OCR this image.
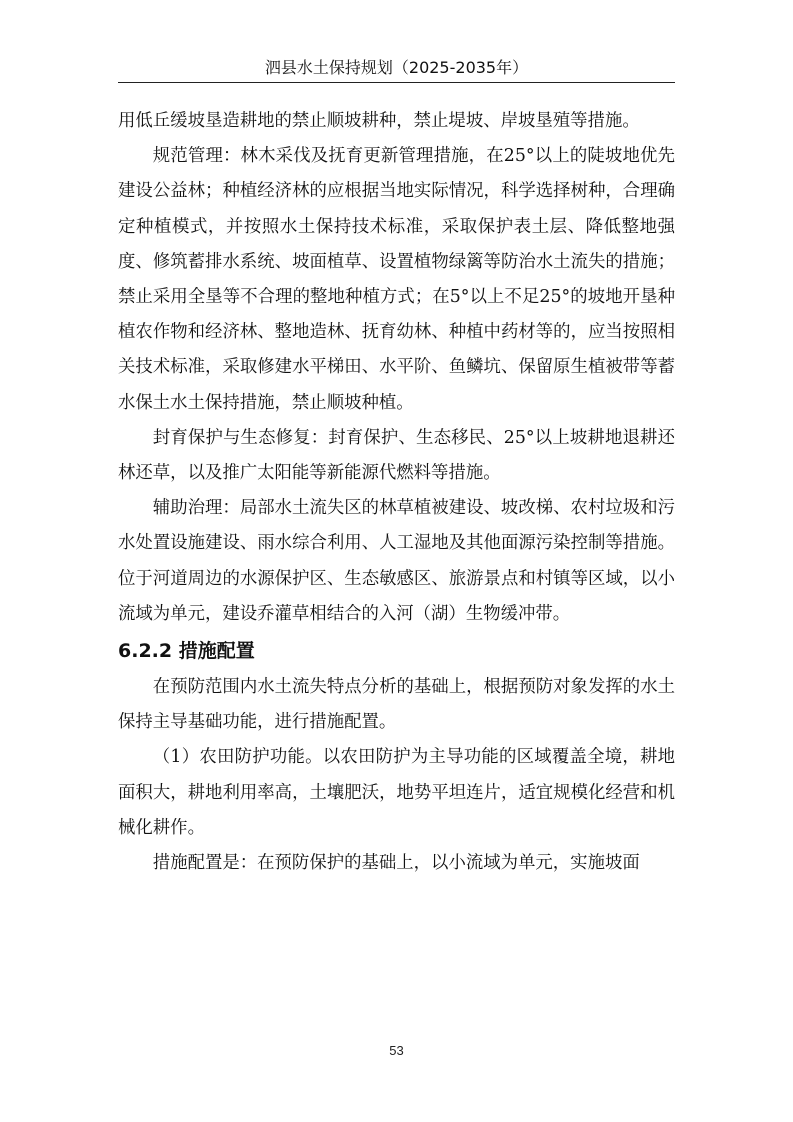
泗县水土保持规划（2025-2035年）

用低丘缓坡垦造耕地的禁止顺坡耕种，禁止堤坡、岸坡垦殖等措施。

规范管理：林木采伐及抚育更新管理措施，在25°以上的陡坡地优先建设公益林；种植经济林的应根据当地实际情况，科学选择树种，合理确定种植模式，并按照水土保持技术标准，采取保护表土层、降低整地强度、修筑蓄排水系统、坡面植草、设置植物绿篱等防治水土流失的措施；禁止采用全垦等不合理的整地种植方式；在5°以上不足25°的坡地开垦种植农作物和经济林、整地造林、抚育幼林、种植中药材等的，应当按照相关技术标准，采取修建水平梯田、水平阶、鱼鳞坑、保留原生植被带等蓄水保土水土保持措施，禁止顺坡种植。

封育保护与生态修复：封育保护、生态移民、25°以上坡耕地退耕还林还草，以及推广太阳能等新能源代燃料等措施。

辅助治理：局部水土流失区的林草植被建设、坡改梯、农村垃圾和污水处置设施建设、雨水综合利用、人工湿地及其他面源污染控制等措施。位于河道周边的水源保护区、生态敏感区、旅游景点和村镇等区域，以小流域为单元，建设乔灌草相结合的入河（湖）生物缓冲带。

6.2.2 措施配置

在预防范围内水土流失特点分析的基础上，根据预防对象发挥的水土保持主导基础功能，进行措施配置。

（1）农田防护功能。以农田防护为主导功能的区域覆盖全境，耕地面积大，耕地利用率高，土壤肥沃，地势平坦连片，适宜规模化经营和机械化耕作。

措施配置是：在预防保护的基础上，以小流域为单元，实施坡面

53
